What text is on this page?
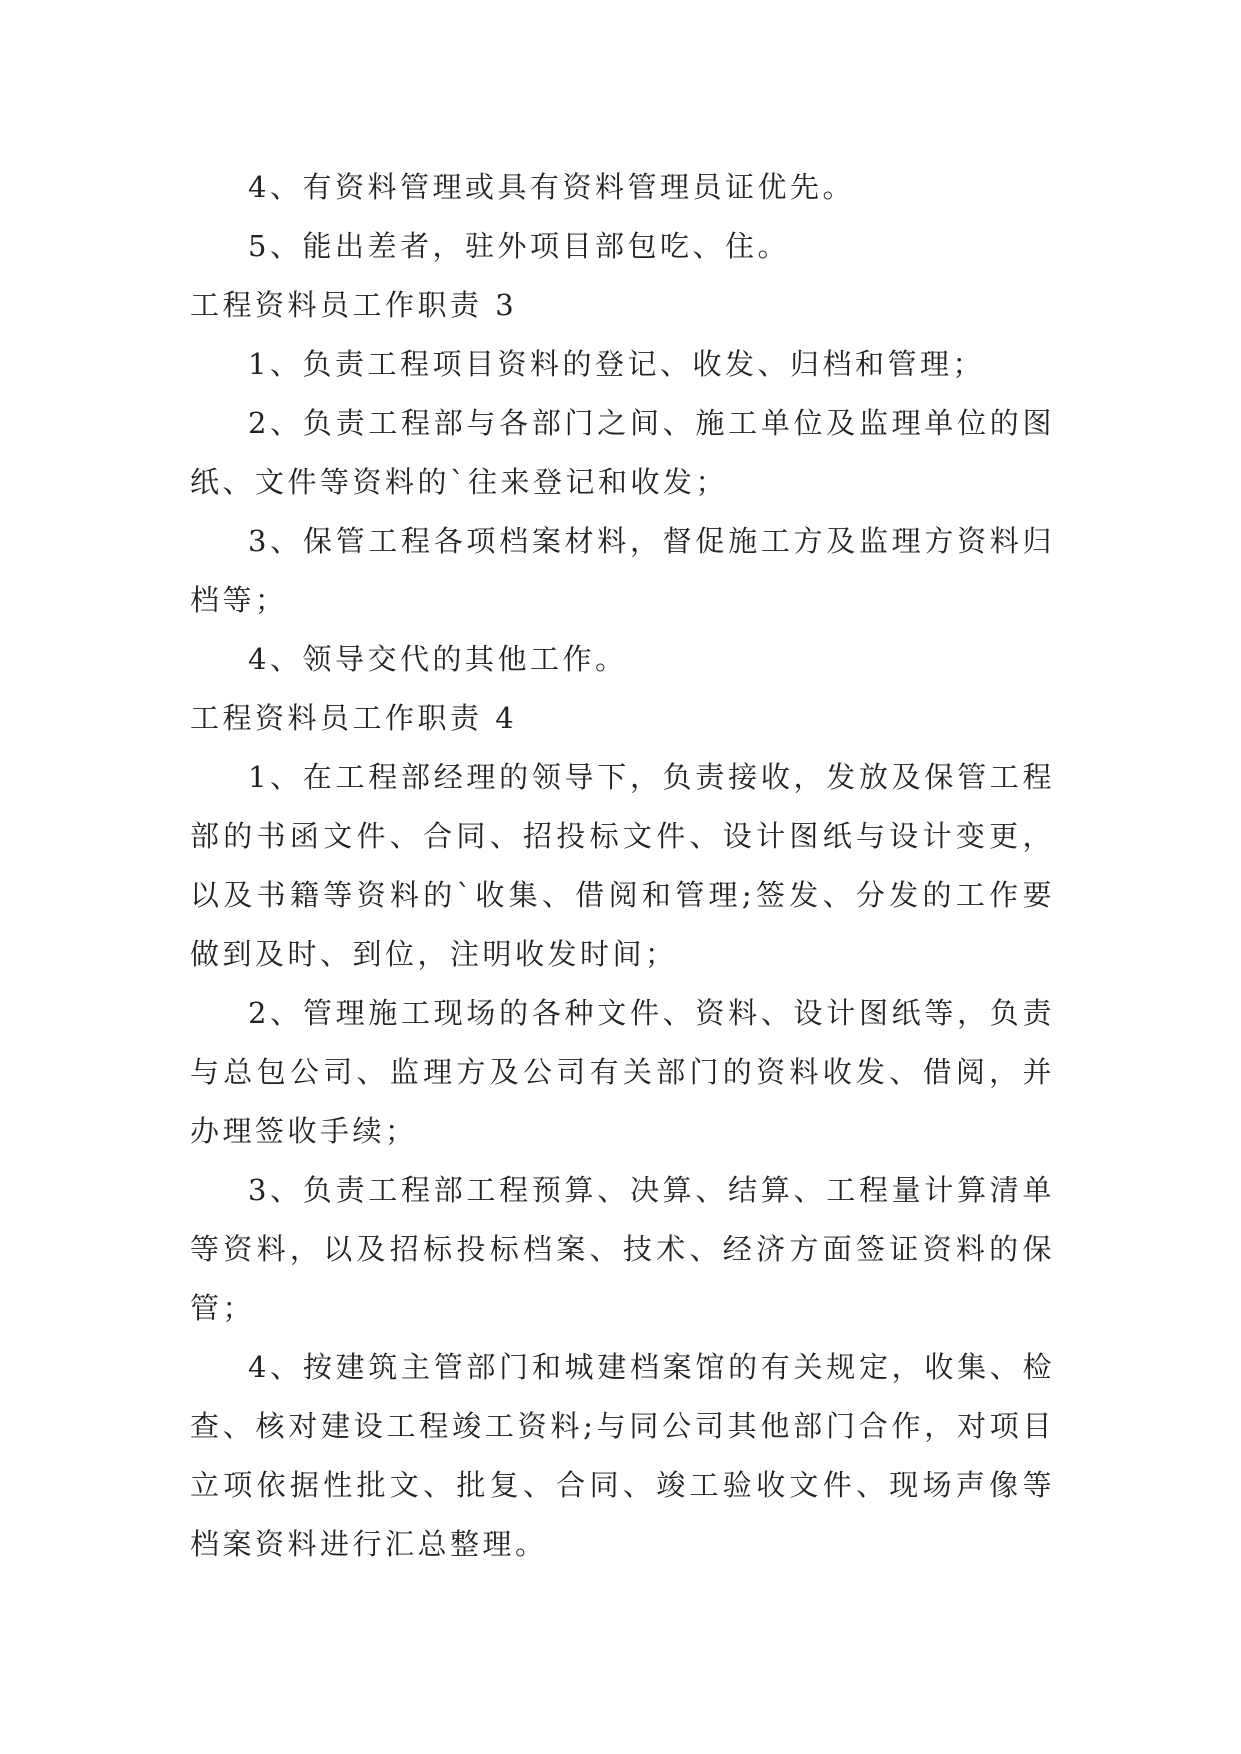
4、有资料管理或具有资料管理员证优先。

5、能出差者，驻外项目部包吃、住。

工程资料员工作职责 3

1、负责工程项目资料的登记、收发、归档和管理；

2、负责工程部与各部门之间、施工单位及监理单位的图纸、文件等资料的`往来登记和收发；

3、保管工程各项档案材料，督促施工方及监理方资料归档等；

4、领导交代的其他工作。

工程资料员工作职责 4

1、在工程部经理的领导下，负责接收，发放及保管工程部的书函文件、合同、招投标文件、设计图纸与设计变更，以及书籍等资料的`收集、借阅和管理;签发、分发的工作要做到及时、到位，注明收发时间；

2、管理施工现场的各种文件、资料、设计图纸等，负责与总包公司、监理方及公司有关部门的资料收发、借阅，并办理签收手续；

3、负责工程部工程预算、决算、结算、工程量计算清单等资料，以及招标投标档案、技术、经济方面签证资料的保管；

4、按建筑主管部门和城建档案馆的有关规定，收集、检查、核对建设工程竣工资料;与同公司其他部门合作，对项目立项依据性批文、批复、合同、竣工验收文件、现场声像等档案资料进行汇总整理。
